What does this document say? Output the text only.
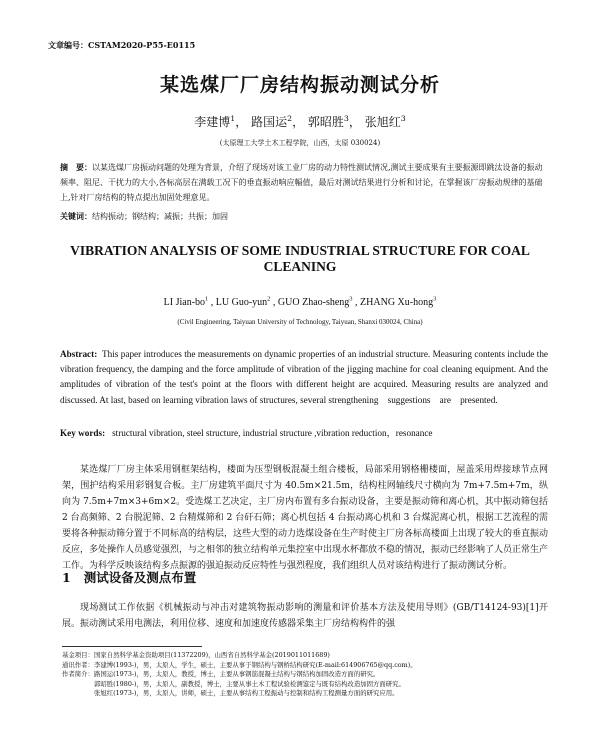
文章编号：CSTAM2020-P55-E0115
某选煤厂厂房结构振动测试分析
李建博$^1$， 路国运$^2$， 郭昭胜$^3$， 张旭红$^3$
(太原理工大学土木工程学院，山西，太原 030024)
摘　要：以某选煤厂房振动问题的处理为背景，介绍了现场对该工业厂房的动力特性测试情况,测试主要成果有主要振源即跳汰设备的振动频率、阻尼、干扰力的大小,各标高层在满载工况下的垂直振动响应幅值，最后对测试结果进行分析和讨论，在掌握该厂房振动规律的基础上,针对厂房结构的特点提出加固处理意见。
关键词：结构振动；钢结构；减振；共振；加固
VIBRATION ANALYSIS OF SOME INDUSTRIAL STRUCTURE FOR COAL CLEANING
LI Jian-$bo^1$ , LU Guo-yun$^2$ , GUO Zhao-sheng$^3$ , ZHANG Xu-hong$^3$
(Civil Engineering, Taiyuan University of Technology, Taiyuan, Shanxi 030024, China)
Abstract: This paper introduces the measurements on dynamic properties of an industrial structure. Measuring contents include the vibration frequency, the damping and the force amplitude of vibration of the jigging machine for coal cleaning equipment. And the amplitudes of vibration of the test's point at the floors with different height are acquired. Measuring results are analyzed and discussed. At last, based on learning vibration laws of structures, several strengthening　suggestions　are　presented.
Key words: structural vibration, steel structure, industrial structure ,vibration reduction，resonance
某选煤厂厂房主体采用钢框架结构，楼面为压型钢板混凝土组合楼板，局部采用钢格栅楼面，屋盖采用焊接球节点网架，围护结构采用彩钢复合板。主厂房建筑平面尺寸为 40.5m×21.5m，结构柱网轴线尺寸横向为 7m+7.5m+7m，纵向为 7.5m+7m×3+6m×2。受选煤工艺决定，主厂房内布置有多台振动设备，主要是振动筛和离心机，其中振动筛包括 2 台高频筛、2 台脱泥筛、2 台精煤筛和 2 台矸石筛；离心机包括 4 台振动离心机和 3 台煤泥离心机，根据工艺流程的需要将各种振动筛分置于不同标高的结构层，这些大型的动力选煤设备在生产时使主厂房各标高楼面上出现了较大的垂直振动反应，多处操作人员感觉强烈，与之相邻的独立结构单元集控室中出现水杯都放不稳的情况，振动已经影响了人员正常生产工作。为科学反映该结构多点振源的强迫振动反应特性与强烈程度，我们组织人员对该结构进行了振动测试分析。
1 测试设备及测点布置
现场测试工作依据《机械振动与冲击对建筑物振动影响的测量和评价基本方法及使用导则》(GB/T14124-93)[1]开展。振动测试采用电测法，利用位移、速度和加速度传感器采集主厂房结构构件的强
基金项目：国家自然科学基金资助项目(11372209)，山西省自然科学基金(2019011011689)
通讯作者：李建博(1993-)，男，太原人，学生，硕士，主要从事于钢结构与钢桥结构研究(E-mail:614906765@qq.com)。
作者简介：路国运(1973-)，男，太原人，教授，博士，主要从事钢筋混凝土结构与钢结构加固改造方面的研究。
　　　　　郭昭胜(1980-)，男，太原人，副教授，博士，主要从事土木工程试验检测鉴定与既有结构改造加固方面研究。
　　　　　张旭红(1973-)，男，太原人，讲师，硕士，主要从事结构工程振动与控制和结构工程测量方面的研究应用。
